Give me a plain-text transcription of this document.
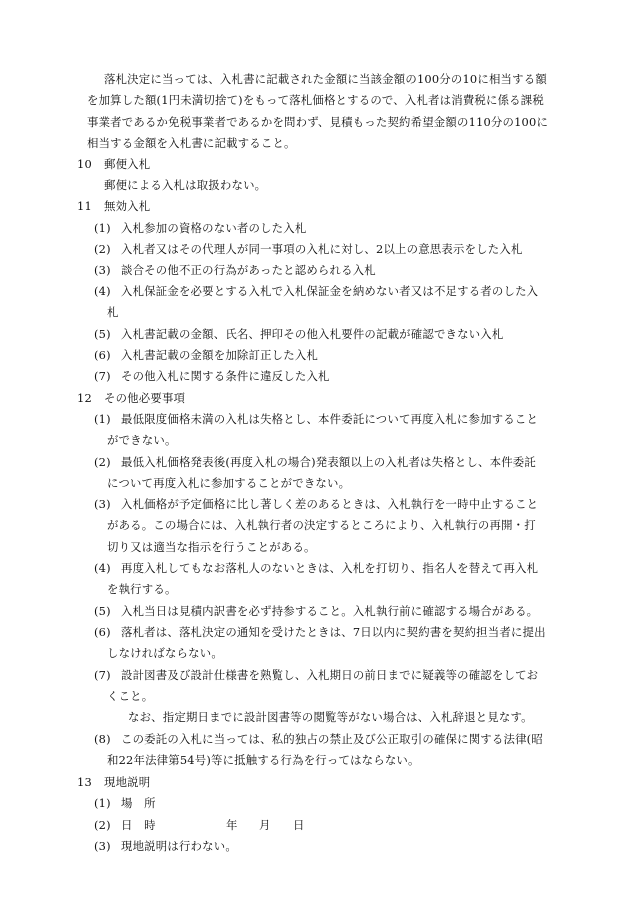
落札決定に当っては、入札書に記載された金額に当該金額の100分の10に相当する額
を加算した額(1円未満切捨て)をもって落札価格とするので、入札者は消費税に係る課税
事業者であるか免税事業者であるかを問わず、見積もった契約希望金額の110分の100に
相当する金額を入札書に記載すること。
10 郵便入札
郵便による入札は取扱わない。
11 無効入札
(1) 入札参加の資格のない者のした入札
(2) 入札者又はその代理人が同一事項の入札に対し、2以上の意思表示をした入札
(3) 談合その他不正の行為があったと認められる入札
(4) 入札保証金を必要とする入札で入札保証金を納めない者又は不足する者のした入
札
(5) 入札書記載の金額、氏名、押印その他入札要件の記載が確認できない入札
(6) 入札書記載の金額を加除訂正した入札
(7) その他入札に関する条件に違反した入札
12 その他必要事項
(1) 最低限度価格未満の入札は失格とし、本件委託について再度入札に参加すること
ができない。
(2) 最低入札価格発表後(再度入札の場合)発表額以上の入札者は失格とし、本件委託
について再度入札に参加することができない。
(3) 入札価格が予定価格に比し著しく差のあるときは、入札執行を一時中止すること
がある。この場合には、入札執行者の決定するところにより、入札執行の再開・打
切り又は適当な指示を行うことがある。
(4) 再度入札してもなお落札人のないときは、入札を打切り、指名人を替えて再入札
を執行する。
(5) 入札当日は見積内訳書を必ず持参すること。入札執行前に確認する場合がある。
(6) 落札者は、落札決定の通知を受けたときは、7日以内に契約書を契約担当者に提出
しなければならない。
(7) 設計図書及び設計仕様書を熟覧し、入札期日の前日までに疑義等の確認をしてお
くこと。
なお、指定期日までに設計図書等の閲覧等がない場合は、入札辞退と見なす。
(8) この委託の入札に当っては、私的独占の禁止及び公正取引の確保に関する法律(昭
和22年法律第54号)等に抵触する行為を行ってはならない。
13 現地説明
(1) 場　所
(2) 日　時	年 月 日
(3) 現地説明は行わない。
